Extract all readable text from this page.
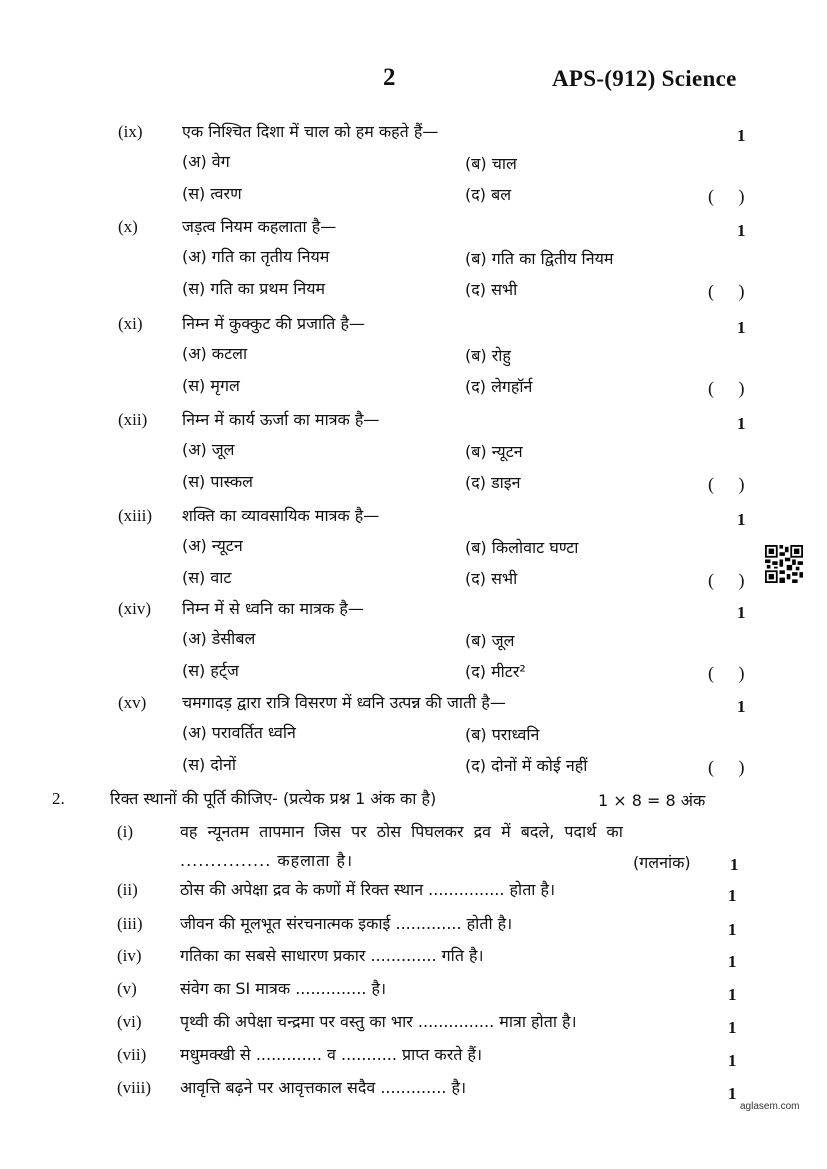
2	APS-(912) Science
(ix) एक निश्चित दिशा में चाल को हम कहते हैं—	1
(अ) वेग	(ब) चाल
(स) त्वरण	(द) बल	( )
(x)	जड़त्व नियम कहलाता है—	1
(अ) गति का तृतीय नियम	(ब) गति का द्वितीय नियम
(स) गति का प्रथम नियम	(द) सभी	( )
(xi) निम्न में कुक्कुट की प्रजाति है—	1
(अ) कटला	(ब) रोहु
(स) मृगल	(द) लेगहॉर्न	( )
(xii) निम्न में कार्य ऊर्जा का मात्रक है—	1
(अ) जूल	(ब) न्यूटन
(स) पास्कल	(द) डाइन	( )
(xiii) शक्ति का व्यावसायिक मात्रक है—	1
(अ) न्यूटन	(ब) किलोवाट घण्टा
(स) वाट	(द) सभी	( )
(xiv) निम्न में से ध्वनि का मात्रक है—	1
(अ) डेसीबल	(ब) जूल
(स) हर्ट्ज	(द) मीटर²	( )
(xv) चमगादड़ द्वारा रात्रि विसरण में ध्वनि उत्पन्न की जाती है—	1
(अ) परावर्तित ध्वनि	(ब) पराध्वनि
(स) दोनों	(द) दोनों में कोई नहीं	( )
2.	रिक्त स्थानों की पूर्ति कीजिए- (प्रत्येक प्रश्न 1 अंक का है)	1 × 8 = 8 अंक
(i)	वह न्यूनतम तापमान जिस पर ठोस पिघलकर द्रव में बदले, पदार्थ का
............... कहलाता है।	(गलनांक) 1
(ii)	ठोस की अपेक्षा द्रव के कणों में रिक्त स्थान ............... होता है।	1
(iii) जीवन की मूलभूत संरचनात्मक इकाई ............. होती है।	1
(iv) गतिका का सबसे साधारण प्रकार ............. गति है।	1
(v)	संवेग का SI मात्रक .............. है।	1
(vi) पृथ्वी की अपेक्षा चन्द्रमा पर वस्तु का भार ............... मात्रा होता है।	1
(vii) मधुमक्खी से ............. व ........... प्राप्त करते हैं।	1
(viii) आवृत्ति बढ़ने पर आवृत्तकाल सदैव ............. है।	1
aglasem.com
